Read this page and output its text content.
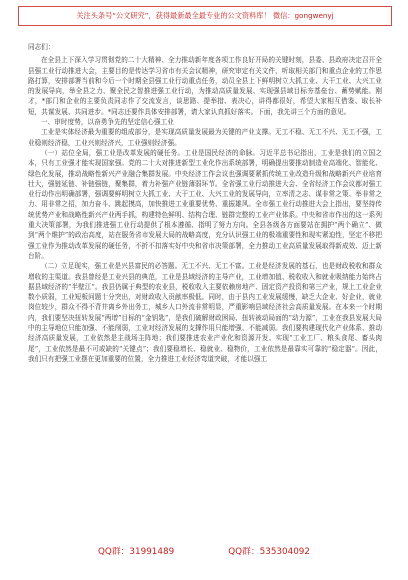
关注头条号“公文研究”，获得最新最全最专业的公文资料库！ 微信：gongwenyj

同志们：

在全县上下深入学习贯彻党的二十大精神、全力推动新年度各项工作良好开局的关键时刻，县委、县政府决定召开全县强工业行动推进大会，主要目的是传达学习省市有关会议精神，研究审定有关文件，听取相关部门和重点企业的工作思路打算，安排部署当前和今后一个时期全县强工业行动重点任务，动员全县上下鲜明树立大抓工业、大干工业、大兴工业的发展导向，举全县之力、聚全民之智推进强工业行动，为推动高质量发展、实现强县域目标夯基垒台、蓄势赋能。刚才，*部门和企业的主要负责同志作了交流发言，谈思路、提举措、表决心，讲得都很好，希望大家相互借鉴、取长补短，共谋发展、共同进步。*同志还要作具体安排部署，请大家认真抓好落实。下面，我先讲三个方面的意见。

一、审时度势，以奋勇争先的坚定信心强工业

工业是实体经济最为重要的组成部分，是实现高质量发展最为关键的产业支撑。无工不稳、无工不兴、无工不强，工业稳则经济稳，工业兴则经济兴，工业强则经济强。

（一）站位全局，强工业是改革发展的硬任务。工业是国民经济的命脉。习近平总书记指出，工业是我们的立国之本，只有工业强才能实现国家强。党的二十大对推进新型工业化作出系统部署，明确提出要推动制造业高端化、智能化、绿色化发展，推动战略性新兴产业融合集群发展。中央经济工作会议也强调要紧抓传统工业改造升级和战略新兴产业培育壮大，强链延链、补链强链，聚集群，着力补强产业链薄弱环节。全省强工业行动推进大会、全省经济工作会议都对强工业行动作出明确部署，强调要鲜明树立大抓工业、大干工业、大兴工业的发展导向，立率清之志、谋非常之策、举非常之力、用非常之招，加力奋斗、跳起摸高，加快推进工业重要优势、重振雄风。全市强工业行动推进大会上指出，要坚持传统优势产业和战略性新兴产业两手抓，构建特色鲜明、结构合理、链群完整的工业产业体系。中央和省市作出的这一系列重大决策部署，为我们推进强工业行动提供了根本遵循、指明了努力方向。全县各级各方面要站在拥护“两个确立”、做到“两个维护”的政治高度，站在服务省市发展大局的战略高度，充分认识强工业的极端重要性和现实紧迫性，坚定不移把强工业作为推动改革发展的硬任务，不折不扣落实好中央和省市决策部署，全力推动工业高质量发展取得新成效、迈上新台阶。

（二）立足现实，强工业是兴县富民的必答题。无工不兴、无工不富。工业是经济发展的基石，也是财政税收和群众增收的主渠道。我县曾经是工业兴县的典范，工业是县域经济的主导产业，工业增加值、税收收入和就业吸纳能力始终占据县域经济的“半壁江”。我县仍属于典型的农业县，税收收入主要依赖房地产、固定资产投资和第三产业，规上工业企业数小质弱，工业短板问题十分突出，对财政收入贡献率极低。同时，由于县内工业发展缓慢，缺乏大企业、好企业，就业岗位较少，群众不得不背井离乡外出务工，城乡人口外流非常明显，严重影响县域经济社会高质量发展。在本来一个时期内，我们要坚决扭转发展“两增”目标的“金钥匙”，是我们破解财政困局、扭转被动局面的“动力源”，工业在我县发展大局中的主导地位只能加强、不能削弱，工业对经济发展的支撑作用只能增强、不能减弱。我们要构建现代化产业体系、推动经济高质量发展，工业依然是主战场主阵地；我们要推进农业产业化和资源开发、实现“工业工厂、粮头食尾、畜头肉尾”，工业依然是最不可或缺的“关键点”；我们要稳增长、稳就业、稳物价，工业依然是最靠实可靠的“稳定器”。因此，我们只有把强工业摆在更加重要的位置，全力推进工业经济弯道突破，才能以强工

QQ群：31991489	QQ群：535304092
